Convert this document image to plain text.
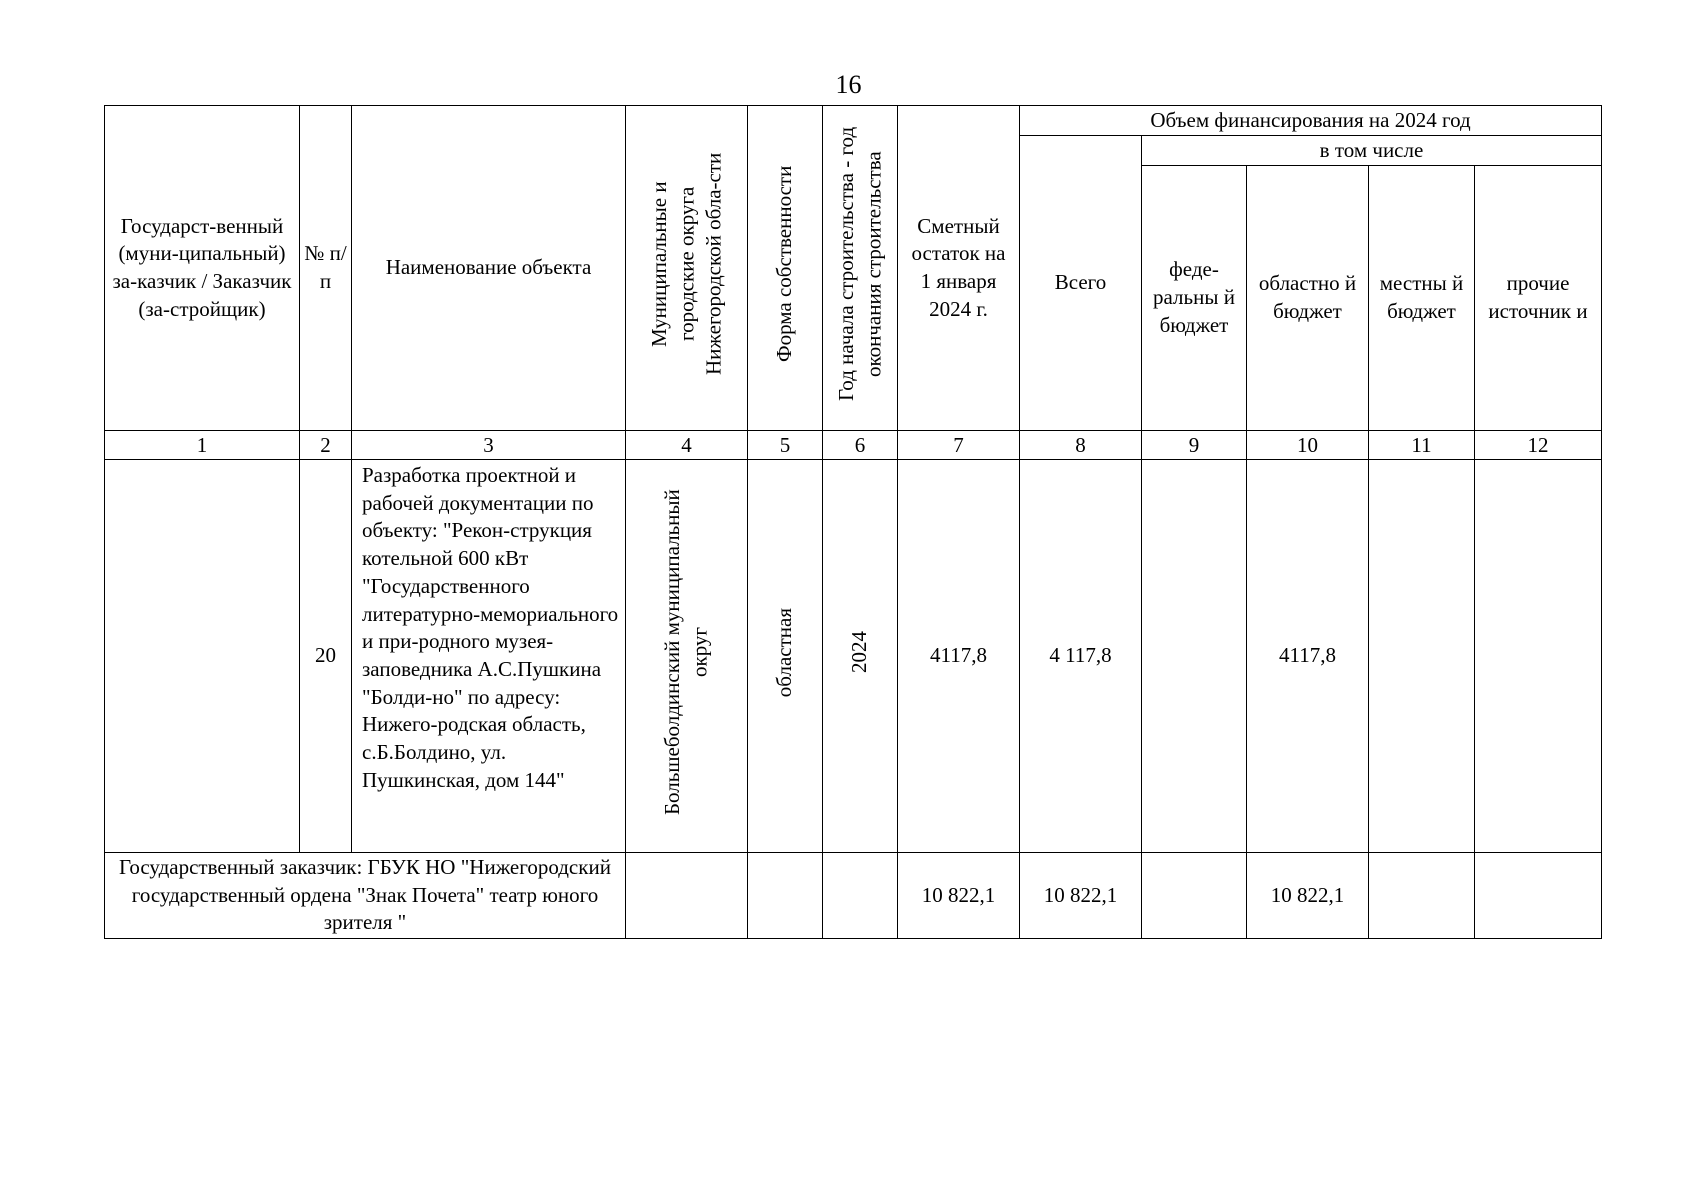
16
Государст-венный (муни-ципальный) за-казчик / Заказчик (за-стройщик)	№ п/ п	Наименование объекта	Муниципальные и городские округа Нижегородской обла-сти	Форма собственности	Год начала строительства - год окончания строительства	Сметный остаток на 1 января 2024 г.	Объем финансирования на 2024 год				

							Всего	в том числе			

								феде-ральны й бюджет	областно й бюджет	местны й бюджет	прочие источник и

1	2	3	4	5	6	7	8	9	10	11	12
	20	Разработка проектной и рабочей документации по объекту: "Рекон-струкция котельной 600 кВт "Государственного литературно-мемориального и при-родного музея-заповедника А.С.Пушкина "Болди-но" по адресу: Нижего-родская область, с.Б.Болдино, ул. Пушкинская, дом 144"	Большеболдинский муниципальный округ	областная	2024	4117,8	4 117,8		4117,8		

Государственный заказчик: ГБУК НО "Нижегородский государственный ордена "Знак Почета" театр юного зрителя "						10 822,1	10 822,1		10 822,1		
